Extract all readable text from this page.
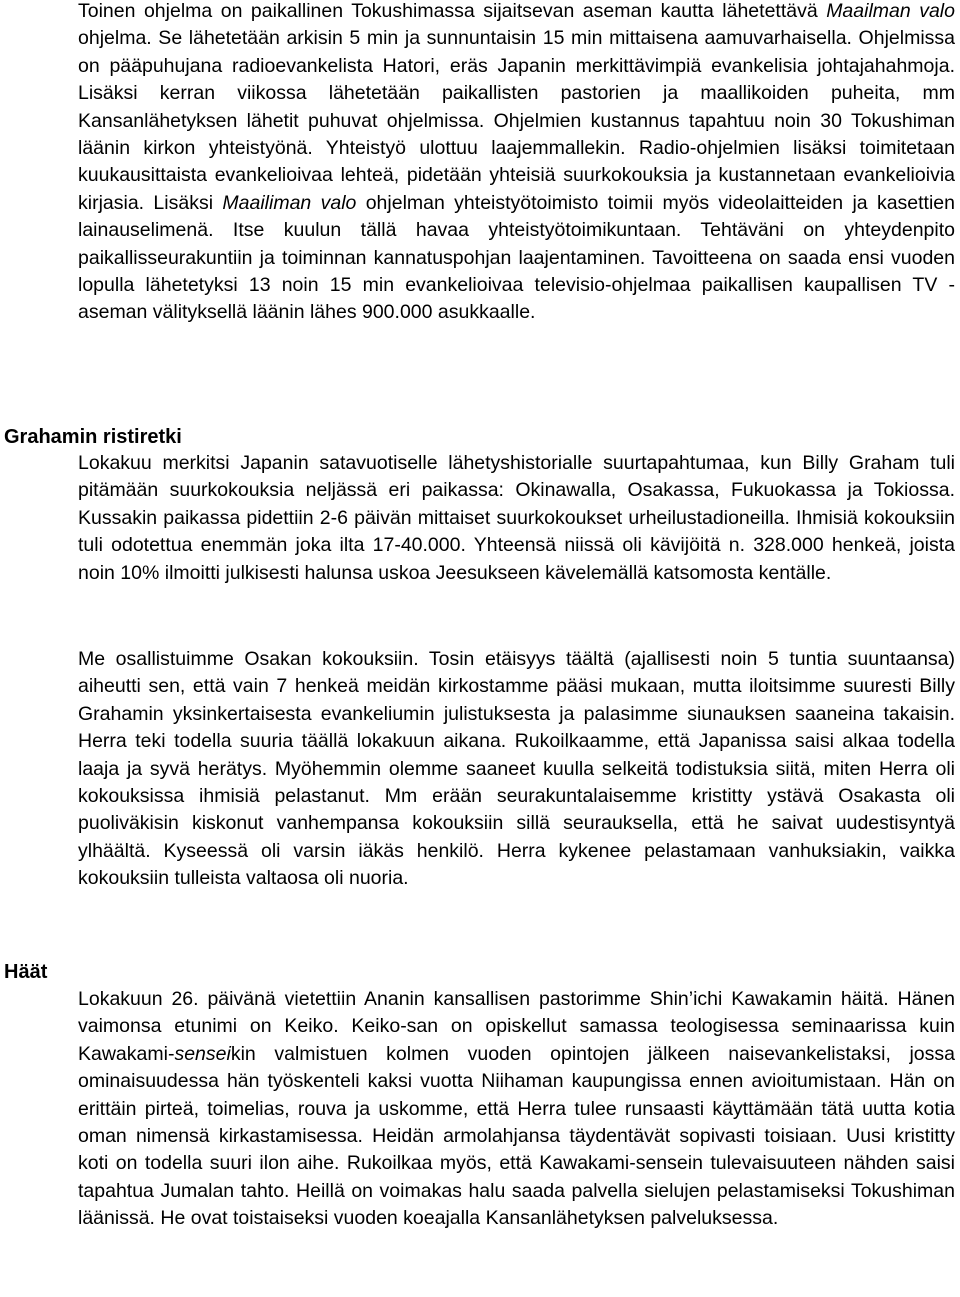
Toinen ohjelma on paikallinen Tokushimassa sijaitsevan aseman kautta lähetettävä Maailman valo ohjelma. Se lähetetään arkisin 5 min ja sunnuntaisin 15 min mittaisena aamuvarhaisella. Ohjelmissa on pääpuhujana radioevankelista Hatori, eräs Japanin merkittävimpiä evankelisia johtajahahmoja. Lisäksi kerran viikossa lähetetään paikallisten pastorien ja maallikoiden puheita, mm Kansanlähetyksen lähetit puhuvat ohjelmissa. Ohjelmien kustannus tapahtuu noin 30 Tokushiman läänin kirkon yhteistyönä. Yhteistyö ulottuu laajemmallekin. Radio-ohjelmien lisäksi toimitetaan kuukausittaista evankelioivaa lehteä, pidetään yhteisiä suurkokouksia ja kustannetaan evankelioivia kirjasia. Lisäksi Maailiman valo ohjelman yhteistyötoimisto toimii myös videolaitteiden ja kasettien lainauselimenä. Itse kuulun tällä havaa yhteistyötoimikuntaan. Tehtäväni on yhteydenpito paikallisseurakuntiin ja toiminnan kannatuspohjan laajentaminen. Tavoitteena on saada ensi vuoden lopulla lähetetyksi 13 noin 15 min evankelioivaa televisio-ohjelmaa paikallisen kaupallisen TV -aseman välityksellä läänin lähes 900.000 asukkaalle.

Grahamin ristiretki

Lokakuu merkitsi Japanin satavuotiselle lähetyshistorialle suurtapahtumaa, kun Billy Graham tuli pitämään suurkokouksia neljässä eri paikassa: Okinawalla, Osakassa, Fukuokassa ja Tokiossa. Kussakin paikassa pidettiin 2-6 päivän mittaiset suurkokoukset urheilustadioneilla. Ihmisiä kokouksiin tuli odotettua enemmän joka ilta 17-40.000. Yhteensä niissä oli kävijöitä n. 328.000 henkeä, joista noin 10% ilmoitti julkisesti halunsa uskoa Jeesukseen kävelemällä katsomosta kentälle.

Me osallistuimme Osakan kokouksiin. Tosin etäisyys täältä (ajallisesti noin 5 tuntia suuntaansa) aiheutti sen, että vain 7 henkeä meidän kirkostamme pääsi mukaan, mutta iloitsimme suuresti Billy Grahamin yksinkertaisesta evankeliumin julistuksesta ja palasimme siunauksen saaneina takaisin. Herra teki todella suuria täällä lokakuun aikana. Rukoilkaamme, että Japanissa saisi alkaa todella laaja ja syvä herätys. Myöhemmin olemme saaneet kuulla selkeitä todistuksia siitä, miten Herra oli kokouksissa ihmisiä pelastanut. Mm erään seurakuntalaisemme kristitty ystävä Osakasta oli puoliväkisin kiskonut vanhempansa kokouksiin sillä seurauksella, että he saivat uudestisyntyä ylhäältä. Kyseessä oli varsin iäkäs henkilö. Herra kykenee pelastamaan vanhuksiakin, vaikka kokouksiin tulleista valtaosa oli nuoria.

Häät

Lokakuun 26. päivänä vietettiin Ananin kansallisen pastorimme Shin’ichi Kawakamin häitä. Hänen vaimonsa etunimi on Keiko. Keiko-san on opiskellut samassa teologisessa seminaarissa kuin Kawakami-senseikin valmistuen kolmen vuoden opintojen jälkeen naisevankelistaksi, jossa ominaisuudessa hän työskenteli kaksi vuotta Niihaman kaupungissa ennen avioitumistaan. Hän on erittäin pirteä, toimelias, rouva ja uskomme, että Herra tulee runsaasti käyttämään tätä uutta kotia oman nimensä kirkastamisessa. Heidän armolahjansa täydentävät sopivasti toisiaan. Uusi kristitty koti on todella suuri ilon aihe. Rukoilkaa myös, että Kawakami-sensein tulevaisuuteen nähden saisi tapahtua Jumalan tahto. Heillä on voimakas halu saada palvella sielujen pelastamiseksi Tokushiman läänissä. He ovat toistaiseksi vuoden koeajalla Kansanlähetyksen palveluksessa.
